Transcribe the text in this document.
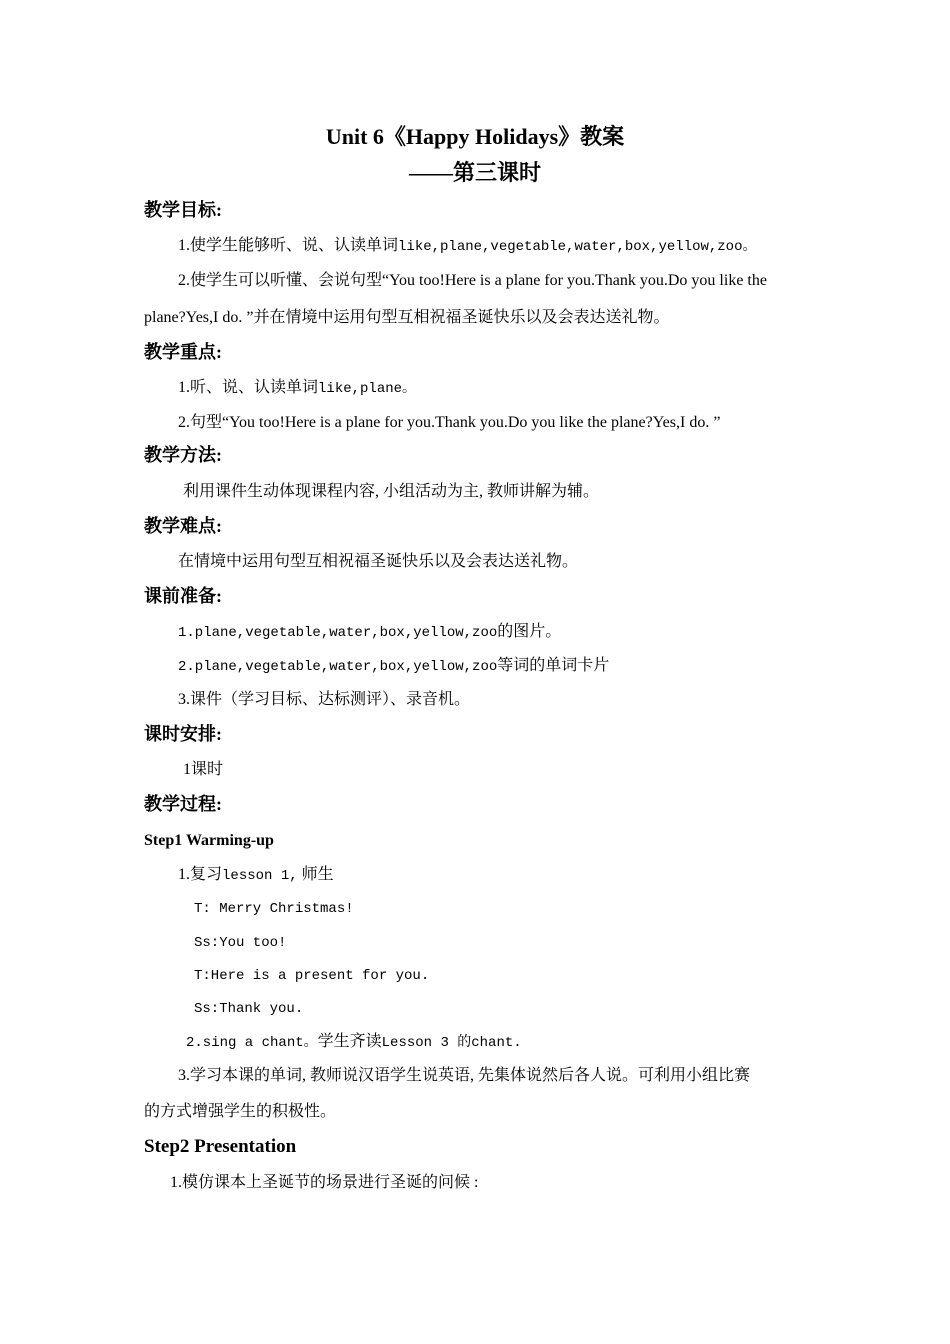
Unit 6《Happy Holidays》教案
——第三课时
教学目标:
1.使学生能够听、说、认读单词like,plane,vegetable,water,box,yellow,zoo。
2.使学生可以听懂、会说句型“You too!Here is a plane for you.Thank you.Do you like the
plane?Yes,I do. ”并在情境中运用句型互相祝福圣诞快乐以及会表达送礼物。
教学重点:
1.听、说、认读单词like,plane。
2.句型“You too!Here is a plane for you.Thank you.Do you like the plane?Yes,I do. ”
教学方法:
利用课件生动体现课程内容, 小组活动为主, 教师讲解为辅。
教学难点:
在情境中运用句型互相祝福圣诞快乐以及会表达送礼物。
课前准备:
1.plane,vegetable,water,box,yellow,zoo的图片。
2.plane,vegetable,water,box,yellow,zoo等词的单词卡片
3.课件（学习目标、达标测评）、录音机。
课时安排:
1课时
教学过程:
Step1 Warming-up
1.复习lesson 1, 师生
T: Merry Christmas!
Ss:You too!
T:Here is a present for you.
Ss:Thank you.
2.sing a chant。学生齐读Lesson 3 的chant.
3.学习本课的单词, 教师说汉语学生说英语, 先集体说然后各人说。可利用小组比赛
的方式增强学生的积极性。
Step2 Presentation
1.模仿课本上圣诞节的场景进行圣诞的问候 :
